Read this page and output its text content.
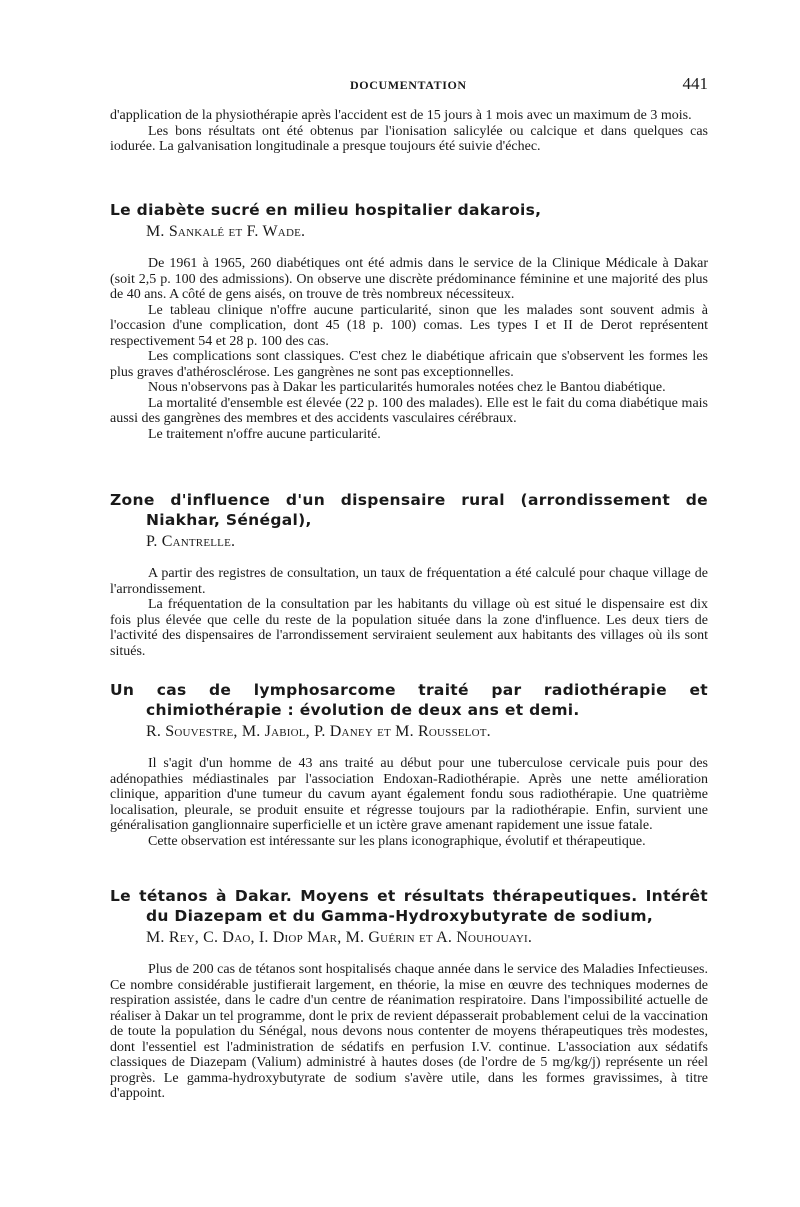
DOCUMENTATION	441

d'application de la physiothérapie après l'accident est de 15 jours à 1 mois avec un maximum de 3 mois.

Les bons résultats ont été obtenus par l'ionisation salicylée ou calcique et dans quelques cas iodurée. La galvanisation longitudinale a presque toujours été suivie d'échec.

Le diabète sucré en milieu hospitalier dakarois,
M. Sankalé et F. Wade.

De 1961 à 1965, 260 diabétiques ont été admis dans le service de la Clinique Médicale à Dakar (soit 2,5 p. 100 des admissions). On observe une discrète prédominance féminine et une majorité des plus de 40 ans. A côté de gens aisés, on trouve de très nombreux nécessiteux.

Le tableau clinique n'offre aucune particularité, sinon que les malades sont souvent admis à l'occasion d'une complication, dont 45 (18 p. 100) comas. Les types I et II de Derot représentent respectivement 54 et 28 p. 100 des cas.

Les complications sont classiques. C'est chez le diabétique africain que s'observent les formes les plus graves d'athérosclérose. Les gangrènes ne sont pas exceptionnelles.

Nous n'observons pas à Dakar les particularités humorales notées chez le Bantou diabétique.

La mortalité d'ensemble est élevée (22 p. 100 des malades). Elle est le fait du coma diabétique mais aussi des gangrènes des membres et des accidents vasculaires cérébraux.

Le traitement n'offre aucune particularité.

Zone d'influence d'un dispensaire rural (arrondissement de Niakhar, Sénégal),
P. Cantrelle.

A partir des registres de consultation, un taux de fréquentation a été calculé pour chaque village de l'arrondissement.

La fréquentation de la consultation par les habitants du village où est situé le dispensaire est dix fois plus élevée que celle du reste de la population située dans la zone d'influence. Les deux tiers de l'activité des dispensaires de l'arrondissement serviraient seulement aux habitants des villages où ils sont situés.

Un cas de lymphosarcome traité par radiothérapie et chimiothérapie : évolution de deux ans et demi.
R. Souvestre, M. Jabiol, P. Daney et M. Rousselot.

Il s'agit d'un homme de 43 ans traité au début pour une tuberculose cervicale puis pour des adénopathies médiastinales par l'association Endoxan-Radiothérapie. Après une nette amélioration clinique, apparition d'une tumeur du cavum ayant également fondu sous radiothérapie. Une quatrième localisation, pleurale, se produit ensuite et régresse toujours par la radiothérapie. Enfin, survient une généralisation ganglionnaire superficielle et un ictère grave amenant rapidement une issue fatale.

Cette observation est intéressante sur les plans iconographique, évolutif et thérapeutique.

Le tétanos à Dakar. Moyens et résultats thérapeutiques. Intérêt du Diazepam et du Gamma-Hydroxybutyrate de sodium,
M. Rey, C. Dao, I. Diop Mar, M. Guérin et A. Nouhouayi.

Plus de 200 cas de tétanos sont hospitalisés chaque année dans le service des Maladies Infectieuses. Ce nombre considérable justifierait largement, en théorie, la mise en œuvre des techniques modernes de respiration assistée, dans le cadre d'un centre de réanimation respiratoire. Dans l'impossibilité actuelle de réaliser à Dakar un tel programme, dont le prix de revient dépasserait probablement celui de la vaccination de toute la population du Sénégal, nous devons nous contenter de moyens thérapeutiques très modestes, dont l'essentiel est l'administration de sédatifs en perfusion I.V. continue. L'association aux sédatifs classiques de Diazepam (Valium) administré à hautes doses (de l'ordre de 5 mg/kg/j) représente un réel progrès. Le gamma-hydroxybutyrate de sodium s'avère utile, dans les formes gravissimes, à titre d'appoint.
